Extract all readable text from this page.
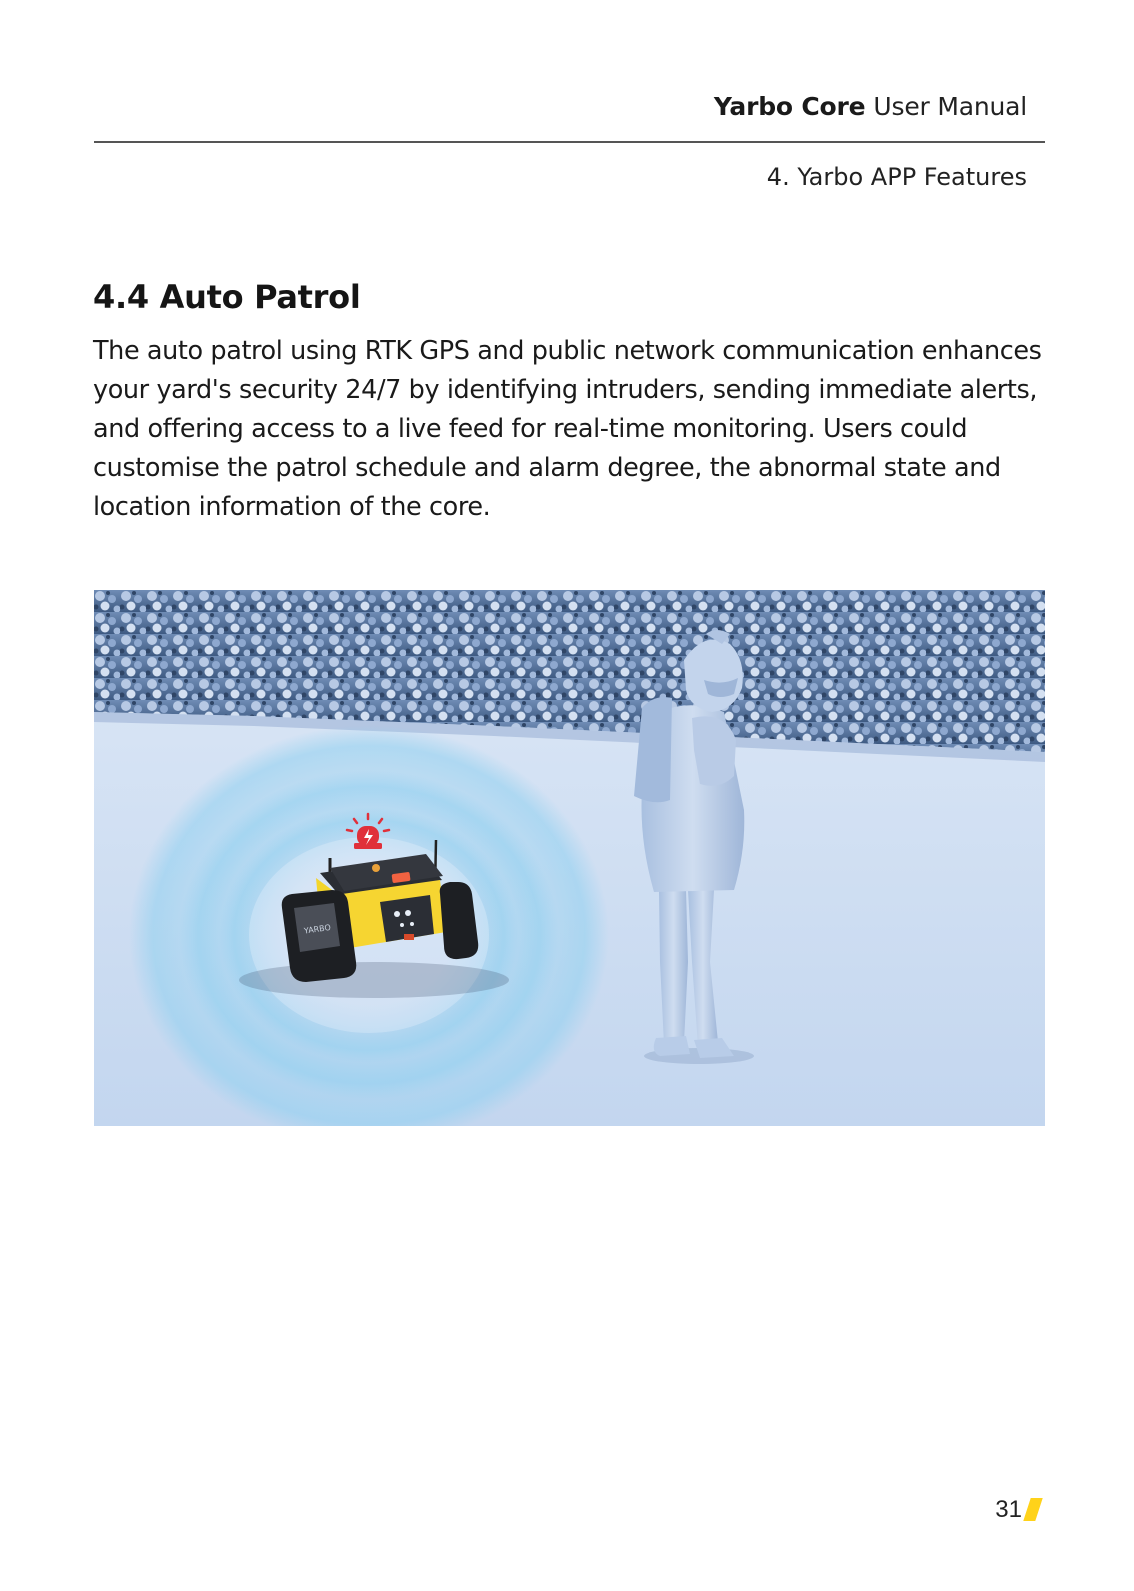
Yarbo Core User Manual
4. Yarbo APP Features
4.4 Auto Patrol
The auto patrol using RTK GPS and public network communication enhances your yard's security 24/7 by identifying intruders, sending immediate alerts, and offering access to a live feed for real-time monitoring. Users could customise the patrol schedule and alarm degree, the abnormal state and location information of the core.
YARBO
31
